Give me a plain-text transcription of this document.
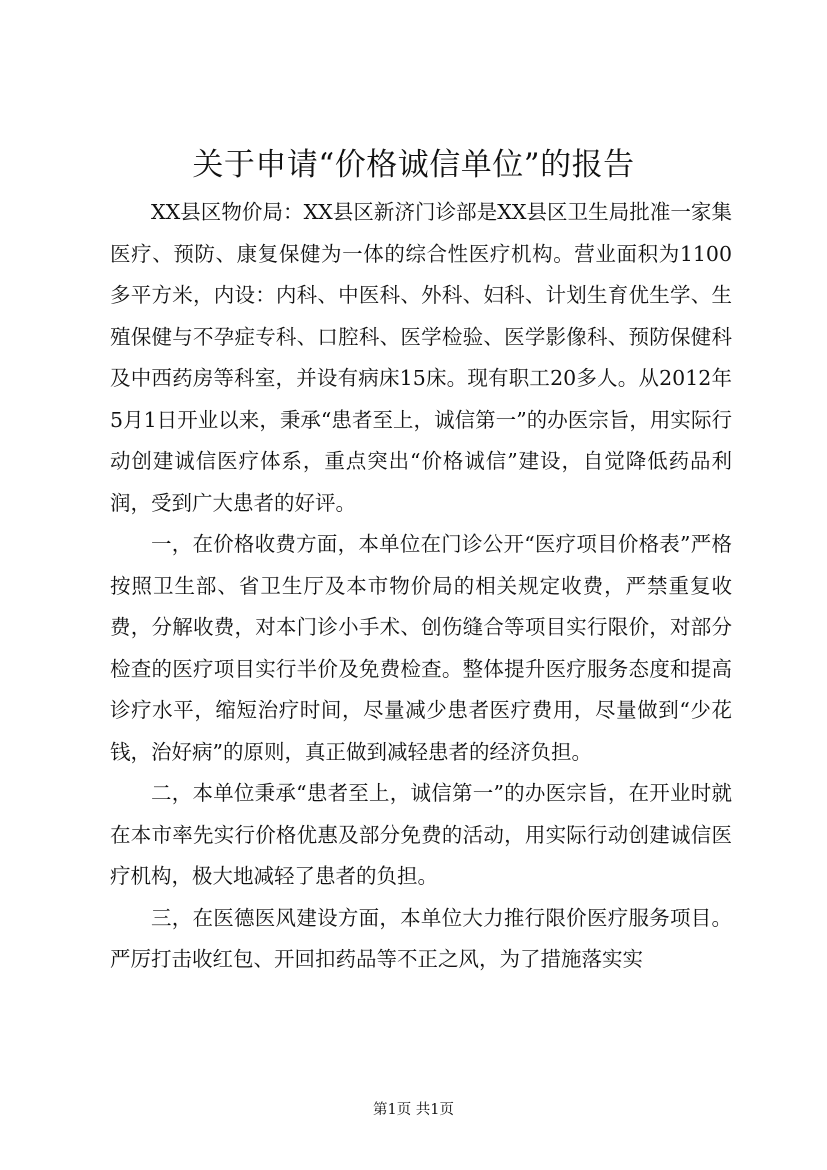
关于申请“价格诚信单位”的报告

XX县区物价局：XX县区新济门诊部是XX县区卫生局批准一家集医疗、预防、康复保健为一体的综合性医疗机构。营业面积为1100多平方米，内设：内科、中医科、外科、妇科、计划生育优生学、生殖保健与不孕症专科、口腔科、医学检验、医学影像科、预防保健科及中西药房等科室，并设有病床15床。现有职工20多人。从2012年5月1日开业以来，秉承“患者至上，诚信第一”的办医宗旨，用实际行动创建诚信医疗体系，重点突出“价格诚信”建设，自觉降低药品利润，受到广大患者的好评。

一，在价格收费方面，本单位在门诊公开“医疗项目价格表”严格按照卫生部、省卫生厅及本市物价局的相关规定收费，严禁重复收费，分解收费，对本门诊小手术、创伤缝合等项目实行限价，对部分检查的医疗项目实行半价及免费检查。整体提升医疗服务态度和提高诊疗水平，缩短治疗时间，尽量减少患者医疗费用，尽量做到“少花钱，治好病”的原则，真正做到减轻患者的经济负担。

二，本单位秉承“患者至上，诚信第一”的办医宗旨，在开业时就在本市率先实行价格优惠及部分免费的活动，用实际行动创建诚信医疗机构，极大地减轻了患者的负担。

三，在医德医风建设方面，本单位大力推行限价医疗服务项目。严厉打击收红包、开回扣药品等不正之风，为了措施落实实

第1页 共1页
